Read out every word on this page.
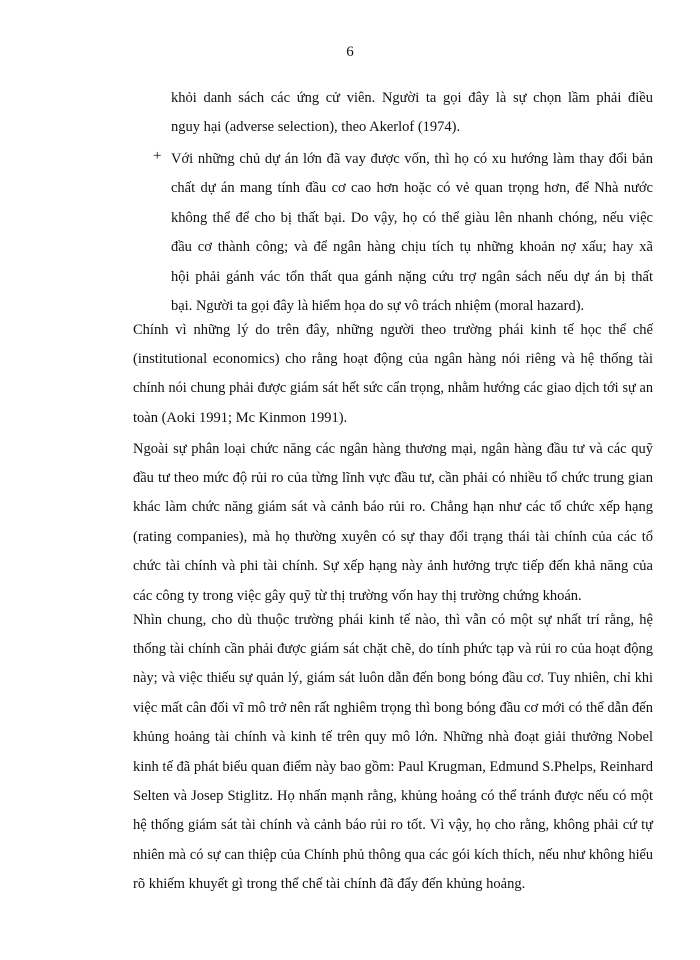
6
khỏi danh sách các ứng cử viên. Người ta gọi đây là sự chọn lầm phải điều
nguy hại (adverse selection), theo Akerlof (1974).
+ Với những chủ dự án lớn đã vay được vốn, thì họ có xu hướng làm thay đổi bản
chất dự án mang tính đầu cơ cao hơn hoặc có vẻ quan trọng hơn, để Nhà nước
không thể để cho bị thất bại. Do vậy, họ có thể giàu lên nhanh chóng, nếu việc
đầu cơ thành công; và để ngân hàng chịu tích tụ những khoản nợ xấu; hay xã
hội phải gánh vác tổn thất qua gánh nặng cứu trợ ngân sách nếu dự án bị thất
bại. Người ta gọi đây là hiểm họa do sự vô trách nhiệm (moral hazard).
Chính vì những lý do trên đây, những người theo trường phái kinh tế học thể chế
(institutional economics) cho rằng hoạt động của ngân hàng nói riêng và hệ thống tài
chính nói chung phải được giám sát hết sức cẩn trọng, nhằm hướng các giao dịch tới sự an
toàn (Aoki 1991; Mc Kinmon 1991).
Ngoài sự phân loại chức năng các ngân hàng thương mại, ngân hàng đầu tư và các quỹ
đầu tư theo mức độ rủi ro của từng lĩnh vực đầu tư, cần phải có nhiều tổ chức trung gian
khác làm chức năng giám sát và cảnh báo rủi ro. Chẳng hạn như các tổ chức xếp hạng
(rating companies), mà họ thường xuyên có sự thay đổi trạng thái tài chính của các tổ
chức tài chính và phi tài chính. Sự xếp hạng này ảnh hưởng trực tiếp đến khả năng của
các công ty trong việc gây quỹ từ thị trường vốn hay thị trường chứng khoán.
Nhìn chung, cho dù thuộc trường phái kinh tế nào, thì vẫn có một sự nhất trí rằng, hệ
thống tài chính cần phải được giám sát chặt chẽ, do tính phức tạp và rủi ro của hoạt động
này; và việc thiếu sự quản lý, giám sát luôn dẫn đến bong bóng đầu cơ. Tuy nhiên, chỉ khi
việc mất cân đối vĩ mô trở nên rất nghiêm trọng thì bong bóng đầu cơ mới có thể dẫn đến
khủng hoảng tài chính và kinh tế trên quy mô lớn. Những nhà đoạt giải thưởng Nobel
kinh tế đã phát biểu quan điểm này bao gồm: Paul Krugman, Edmund S.Phelps, Reinhard
Selten và Josep Stiglitz. Họ nhấn mạnh rằng, khủng hoảng có thể tránh được nếu có một
hệ thống giám sát tài chính và cảnh báo rủi ro tốt. Vì vậy, họ cho rằng, không phải cứ tự
nhiên mà có sự can thiệp của Chính phủ thông qua các gói kích thích, nếu như không hiểu
rõ khiếm khuyết gì trong thể chế tài chính đã đẩy đến khủng hoảng.
